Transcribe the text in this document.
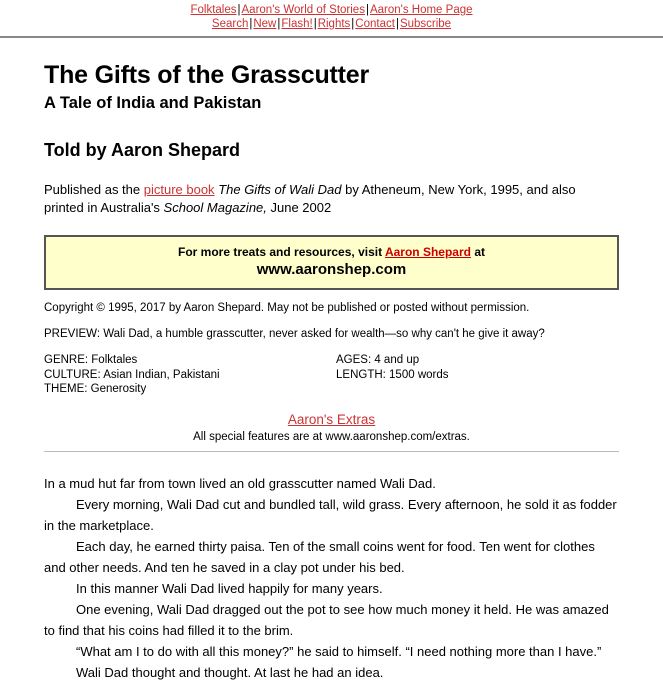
Folktales|Aaron's World of Stories|Aaron's Home Page
Search|New|Flash!|Rights|Contact|Subscribe
The Gifts of the Grasscutter
A Tale of India and Pakistan
Told by Aaron Shepard

Published as the picture book The Gifts of Wali Dad by Atheneum, New York, 1995, and also printed in Australia's School Magazine, June 2002

For more treats and resources, visit Aaron Shepard at
www.aaronshep.com

Copyright © 1995, 2017 by Aaron Shepard. May not be published or posted without permission.

PREVIEW: Wali Dad, a humble grasscutter, never asked for wealth—so why can't he give it away?

GENRE: Folktales	AGES: 4 and up
CULTURE: Asian Indian, Pakistani	LENGTH: 1500 words
THEME: Generosity
Aaron's Extras
All special features are at www.aaronshep.com/extras.

In a mud hut far from town lived an old grasscutter named Wali Dad.

Every morning, Wali Dad cut and bundled tall, wild grass. Every afternoon, he sold it as fodder in the marketplace.

Each day, he earned thirty paisa. Ten of the small coins went for food. Ten went for clothes and other needs. And ten he saved in a clay pot under his bed.

In this manner Wali Dad lived happily for many years.

One evening, Wali Dad dragged out the pot to see how much money it held. He was amazed to find that his coins had filled it to the brim.

“What am I to do with all this money?” he said to himself. “I need nothing more than I have.”

Wali Dad thought and thought. At last he had an idea.
